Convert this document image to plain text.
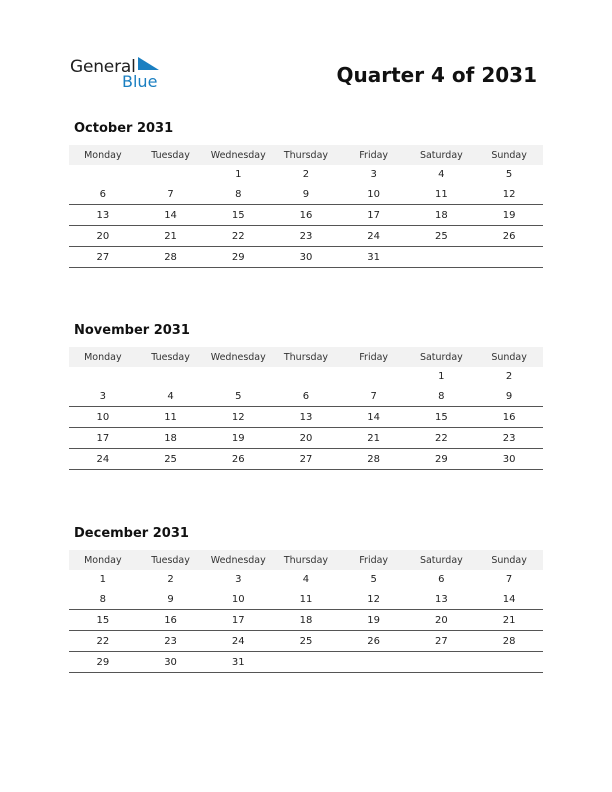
General
Blue	Quarter 4 of 2031
October 2031
Monday	Tuesday	Wednesday	Thursday	Friday	Saturday	Sunday
		1	2	3	4	5
6	7	8	9	10	11	12
13	14	15	16	17	18	19
20	21	22	23	24	25	26
27	28	29	30	31		
November 2031
Monday	Tuesday	Wednesday	Thursday	Friday	Saturday	Sunday
					1	2
3	4	5	6	7	8	9
10	11	12	13	14	15	16
17	18	19	20	21	22	23
24	25	26	27	28	29	30
December 2031
Monday	Tuesday	Wednesday	Thursday	Friday	Saturday	Sunday
1	2	3	4	5	6	7
8	9	10	11	12	13	14
15	16	17	18	19	20	21
22	23	24	25	26	27	28
29	30	31				
